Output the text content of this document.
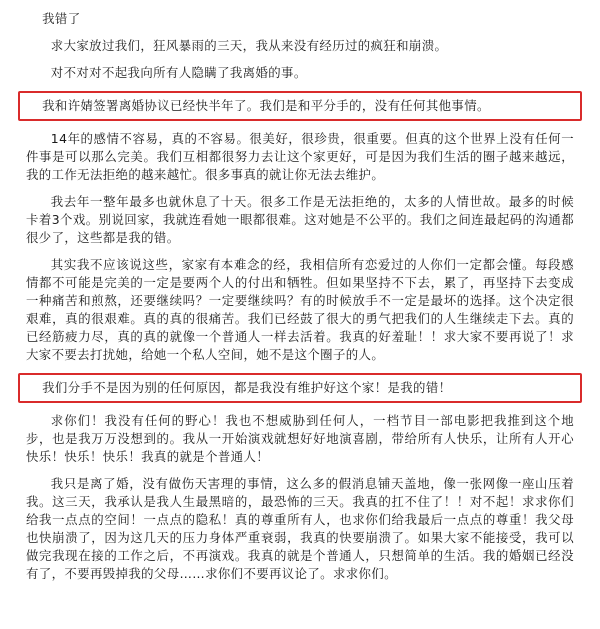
我错了

求大家放过我们，狂风暴雨的三天，我从来没有经历过的疯狂和崩溃。

对不对对不起我向所有人隐瞒了我离婚的事。

我和许婧签署离婚协议已经快半年了。我们是和平分手的，没有任何其他事情。

14年的感情不容易，真的不容易。很美好，很珍贵，很重要。但真的这个世界上没有任何一件事是可以那么完美。我们互相都很努力去让这个家更好，可是因为我们生活的圈子越来越远，我的工作无法拒绝的越来越忙。很多事真的就让你无法去维护。

我去年一整年最多也就休息了十天。很多工作是无法拒绝的，太多的人情世故。最多的时候卡着3个戏。别说回家，我就连看她一眼都很难。这对她是不公平的。我们之间连最起码的沟通都很少了，这些都是我的错。

其实我不应该说这些，家家有本难念的经，我相信所有恋爱过的人你们一定都会懂。每段感情都不可能是完美的一定是要两个人的付出和牺牲。但如果坚持不下去，累了，再坚持下去变成一种痛苦和煎熬，还要继续吗？一定要继续吗？有的时候放手不一定是最坏的选择。这个决定很艰难，真的很艰难。真的真的很痛苦。我们已经鼓了很大的勇气把我们的人生继续走下去。真的已经筋疲力尽，真的真的就像一个普通人一样去活着。我真的好羞耻！！求大家不要再说了！求大家不要去打扰她，给她一个私人空间，她不是这个圈子的人。

我们分手不是因为别的任何原因，都是我没有维护好这个家！是我的错！

求你们！我没有任何的野心！我也不想威胁到任何人，一档节目一部电影把我推到这个地步，也是我万万没想到的。我从一开始演戏就想好好地演喜剧，带给所有人快乐，让所有人开心快乐！快乐！快乐！我真的就是个普通人！

我只是离了婚，没有做伤天害理的事情，这么多的假消息铺天盖地，像一张网像一座山压着我。这三天，我承认是我人生最黑暗的，最恐怖的三天。我真的扛不住了！！对不起！求求你们给我一点点的空间！一点点的隐私！真的尊重所有人，也求你们给我最后一点点的尊重！我父母也快崩溃了，因为这几天的压力身体严重衰弱，我真的快要崩溃了。如果大家不能接受，我可以做完我现在接的工作之后，不再演戏。我真的就是个普通人，只想简单的生活。我的婚姻已经没有了，不要再毁掉我的父母……求你们不要再议论了。求求你们。
